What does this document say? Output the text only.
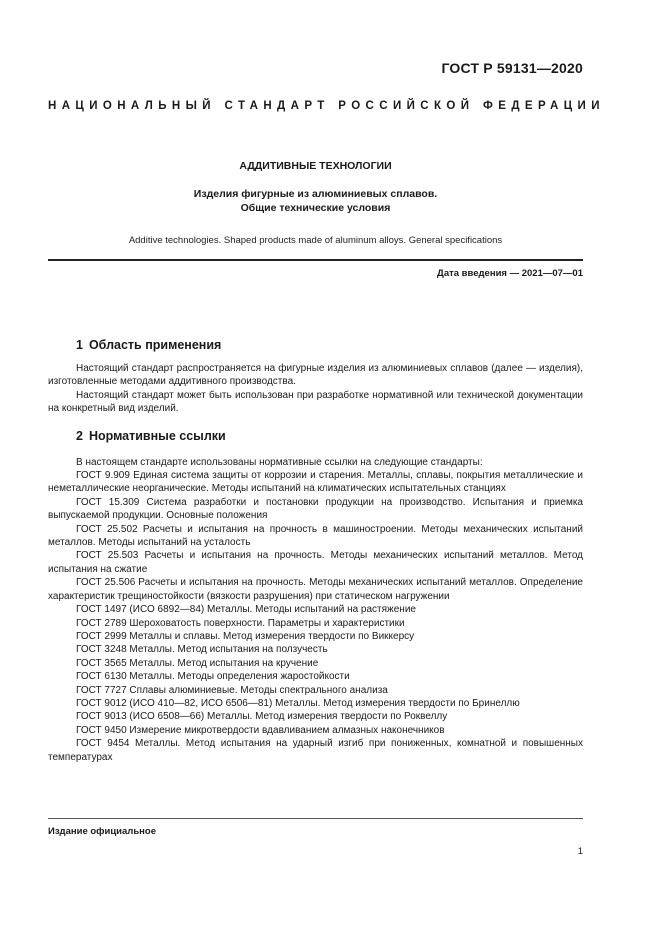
ГОСТ Р 59131—2020
НАЦИОНАЛЬНЫЙ СТАНДАРТ РОССИЙСКОЙ ФЕДЕРАЦИИ

АДДИТИВНЫЕ ТЕХНОЛОГИИ

Изделия фигурные из алюминиевых сплавов.
Общие технические условия

Additive technologies. Shaped products made of aluminum alloys. General specifications

Дата введения — 2021—07—01
1 Область применения

Настоящий стандарт распространяется на фигурные изделия из алюминиевых сплавов (далее — изделия), изготовленные методами аддитивного производства.

Настоящий стандарт может быть использован при разработке нормативной или технической документации на конкретный вид изделий.

2 Нормативные ссылки

В настоящем стандарте использованы нормативные ссылки на следующие стандарты:

ГОСТ 9.909 Единая система защиты от коррозии и старения. Металлы, сплавы, покрытия металлические и неметаллические неорганические. Методы испытаний на климатических испытательных станциях

ГОСТ 15.309 Система разработки и постановки продукции на производство. Испытания и приемка выпускаемой продукции. Основные положения

ГОСТ 25.502 Расчеты и испытания на прочность в машиностроении. Методы механических испытаний металлов. Методы испытаний на усталость

ГОСТ 25.503 Расчеты и испытания на прочность. Методы механических испытаний металлов. Метод испытания на сжатие

ГОСТ 25.506 Расчеты и испытания на прочность. Методы механических испытаний металлов. Определение характеристик трещиностойкости (вязкости разрушения) при статическом нагружении

ГОСТ 1497 (ИСО 6892—84) Металлы. Методы испытаний на растяжение

ГОСТ 2789 Шероховатость поверхности. Параметры и характеристики

ГОСТ 2999 Металлы и сплавы. Метод измерения твердости по Виккерсу

ГОСТ 3248 Металлы. Метод испытания на ползучесть

ГОСТ 3565 Металлы. Метод испытания на кручение

ГОСТ 6130 Металлы. Методы определения жаростойкости

ГОСТ 7727 Сплавы алюминиевые. Методы спектрального анализа

ГОСТ 9012 (ИСО 410—82, ИСО 6506—81) Металлы. Метод измерения твердости по Бринеллю

ГОСТ 9013 (ИСО 6508—66) Металлы. Метод измерения твердости по Роквеллу

ГОСТ 9450 Измерение микротвердости вдавливанием алмазных наконечников

ГОСТ 9454 Металлы. Метод испытания на ударный изгиб при пониженных, комнатной и повышенных температурах

Издание официальное
1
